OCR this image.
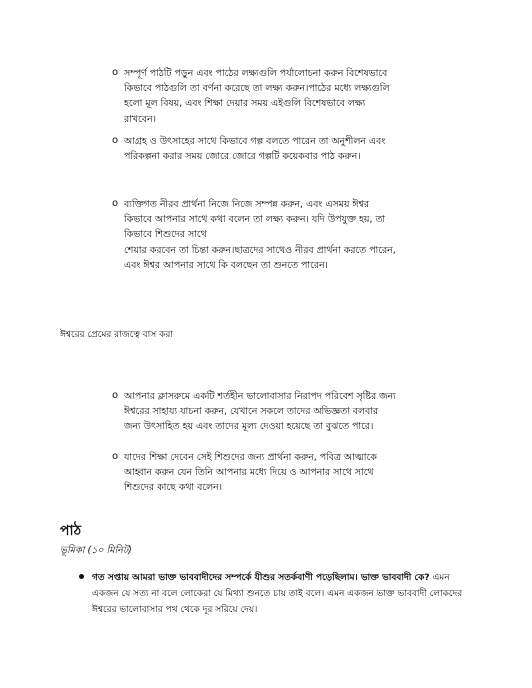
o সম্পূর্ণ পাঠটি পড়ুন এবং পাঠের লক্ষ্যগুলি পর্যালোচনা করুন বিশেষভাবে

কিভাবে পাঠগুলি তা বর্ণনা করেছে তা লক্ষ্য করুন।পাঠের মধ্যে লক্ষ্যগুলি

হলো মূল বিষয়, এবং শিক্ষা দেয়ার সময় এইগুলি বিশেষভাবে লক্ষ্য

রাখবেন।

o আগ্রহ ও উৎসাহের সাথে কিভাবে গল্প বলতে পারেন তা অনুশীলন এবং

পরিকল্পনা করার সময় জোরে জোরে গল্পটি কয়েকবার পাঠ করুন।

o ব্যক্তিগত নীরব প্রার্থনা নিজে নিজে সম্পন্ন করুন, এবং এসময় ঈশ্বর

কিভাবে আপনার সাথে কথা বলেন তা লক্ষ্য করুন। যদি উপযুক্ত হয়, তা

কিভাবে শিশুদের সাথে

শেয়ার করবেন তা চিন্তা করুন।ছাত্রদের সাথেও নীরব প্রার্থনা করতে পারেন,

এবং ঈশ্বর আপনার সাথে কি বলছেন তা শুনতে পারেন।

ঈশ্বরের প্রেমের রাজত্বে বাস করা

o আপনার ক্লাসরুমে একটি শর্তহীন ভালোবাসার নিরাপদ পরিবেশ সৃষ্টির জন্য

ঈশ্বরের সাহায্য যাচনা করুন, যেখানে সকলে তাদের অভিজ্ঞতা বলবার

জন্য উৎসাহিত হয় এবং তাদের মূল্য দেওয়া হয়েছে তা বুঝতে পারে।

o যাদের শিক্ষা দেবেন সেই শিশুদের জন্য প্রার্থনা করুন, পবিত্র আত্মাকে

আহ্বান করুন যেন তিনি আপনার মধ্যে দিয়ে ও আপনার সাথে সাথে

শিশুদের কাছে কথা বলেন।

পাঠ

ভূমিকা (১০ মিনিট)

গত সপ্তায় আমরা ভাক্ত ভাববাদীদের সম্পর্কে যীশুর সতর্কবাণী পড়েছিলাম। ভাক্ত ভাববাদী কে? এমন একজন যে সত্য না বলে লোকেরা যে মিথ্যা শুনতে চায় তাই বলে। এমন একজন ভাক্ত ভাববাদী লোকদের ঈশ্বরের ভালোবাসার পথ থেকে দূর সরিয়ে দেয়।
